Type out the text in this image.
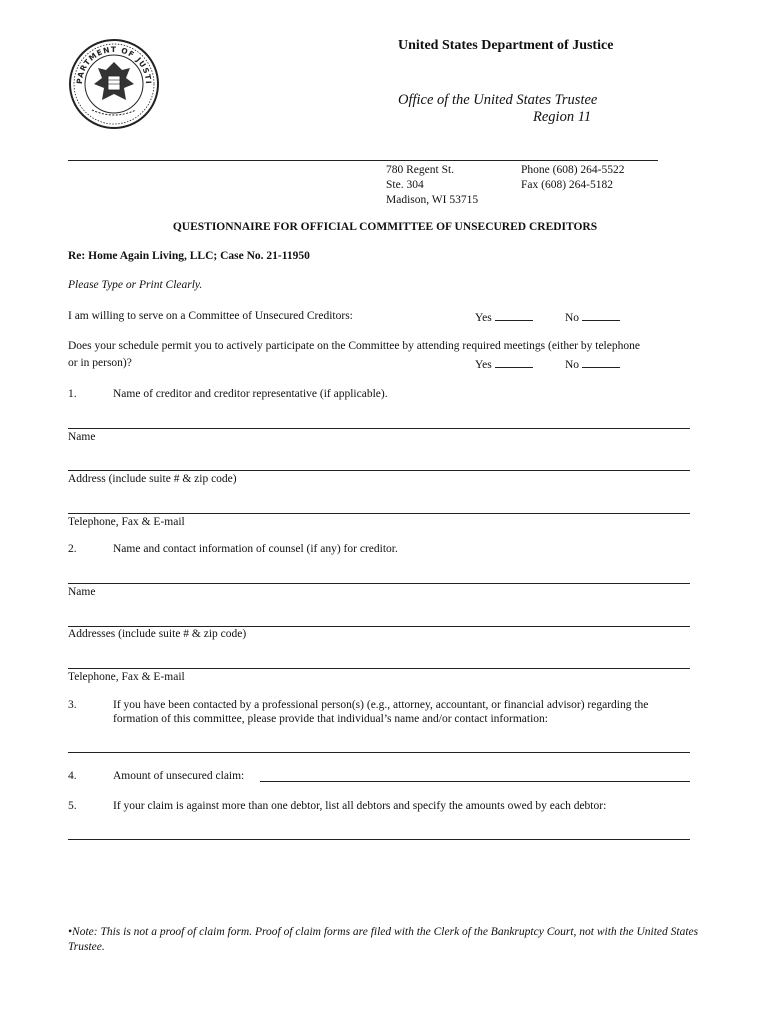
PARTMENT OF JUSTI
United States Department of Justice
Office of the United States Trustee
Region 11
780 Regent St.
Ste. 304
Madison, WI 53715
Phone (608) 264-5522
Fax (608) 264-5182
QUESTIONNAIRE FOR OFFICIAL COMMITTEE OF UNSECURED CREDITORS
Re: Home Again Living, LLC; Case No. 21-11950
Please Type or Print Clearly.
I am willing to serve on a Committee of Unsecured Creditors:	Yes	No
Does your schedule permit you to actively participate on the Committee by attending required meetings (either by telephone
or in person)?	Yes	No
1.	Name of creditor and creditor representative (if applicable).
Name
Address (include suite # & zip code)
Telephone, Fax & E-mail
2.	Name and contact information of counsel (if any) for creditor.
Name
Addresses (include suite # & zip code)
Telephone, Fax & E-mail
3.	If you have been contacted by a professional person(s) (e.g., attorney, accountant, or financial advisor) regarding the
formation of this committee, please provide that individual’s name and/or contact information:
4.	Amount of unsecured claim:
5.	If your claim is against more than one debtor, list all debtors and specify the amounts owed by each debtor:
•Note: This is not a proof of claim form. Proof of claim forms are filed with the Clerk of the Bankruptcy Court, not with the United States Trustee.
